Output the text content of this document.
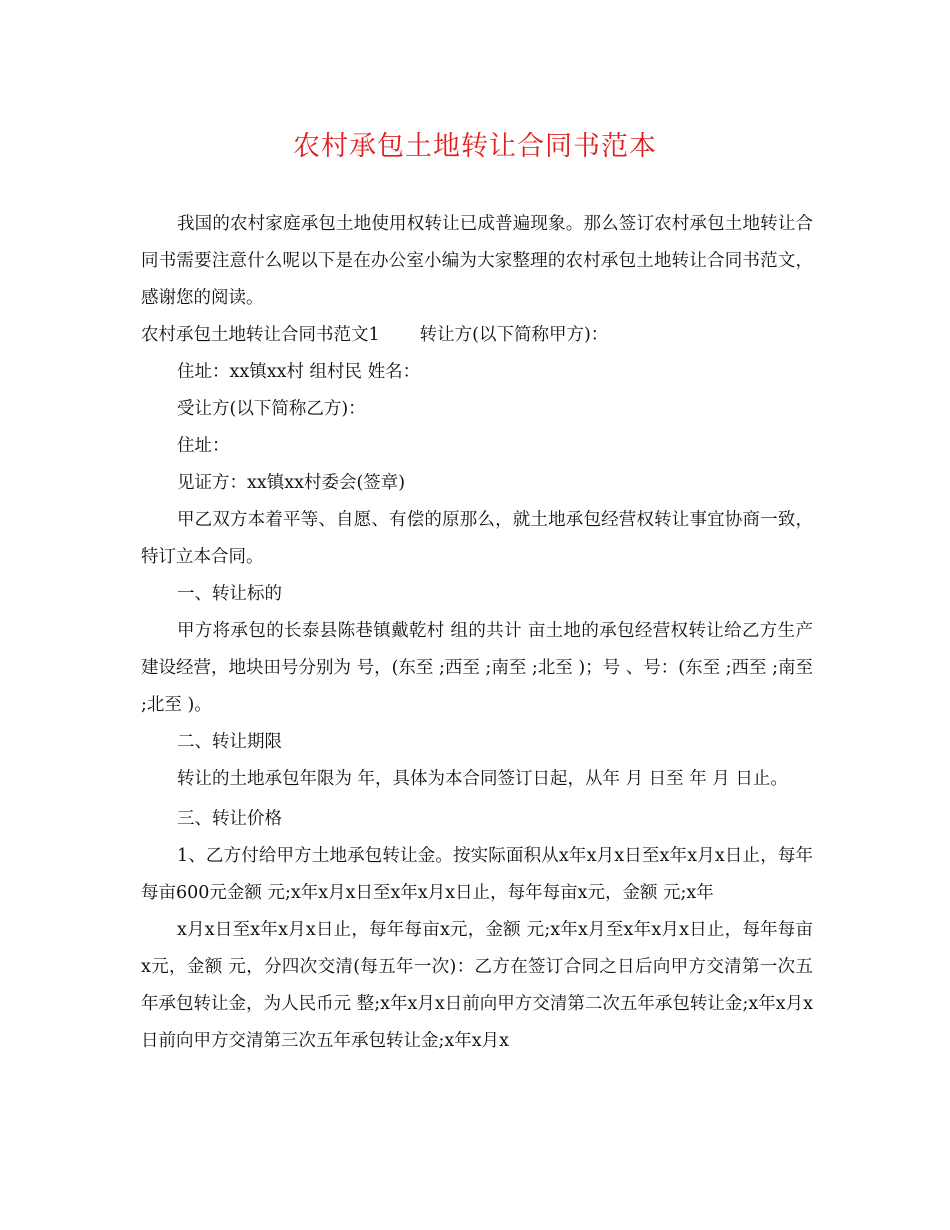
农村承包土地转让合同书范本

我国的农村家庭承包土地使用权转让已成普遍现象。那么签订农村承包土地转让合同书需要注意什么呢以下是在办公室小编为大家整理的农村承包土地转让合同书范文，感谢您的阅读。

农村承包土地转让合同书范文1 转让方(以下简称甲方)：

住址：xx镇xx村 组村民 姓名：

受让方(以下简称乙方)：

住址：

见证方：xx镇xx村委会(签章)

甲乙双方本着平等、自愿、有偿的原那么，就土地承包经营权转让事宜协商一致，特订立本合同。

一、转让标的

甲方将承包的长泰县陈巷镇戴乾村 组的共计 亩土地的承包经营权转让给乙方生产建设经营，地块田号分别为 号，(东至 ;西至 ;南至 ;北至 )；号 、号：(东至 ;西至 ;南至 ;北至 )。

二、转让期限

转让的土地承包年限为 年，具体为本合同签订日起，从年 月 日至 年 月 日止。

三、转让价格

1、乙方付给甲方土地承包转让金。按实际面积从x年x月x日至x年x月x日止，每年每亩600元金额 元;x年x月x日至x年x月x日止，每年每亩x元，金额 元;x年

x月x日至x年x月x日止，每年每亩x元，金额 元;x年x月至x年x月x日止，每年每亩x元，金额 元，分四次交清(每五年一次)：乙方在签订合同之日后向甲方交清第一次五年承包转让金，为人民币元 整;x年x月x日前向甲方交清第二次五年承包转让金;x年x月x日前向甲方交清第三次五年承包转让金;x年x月x
